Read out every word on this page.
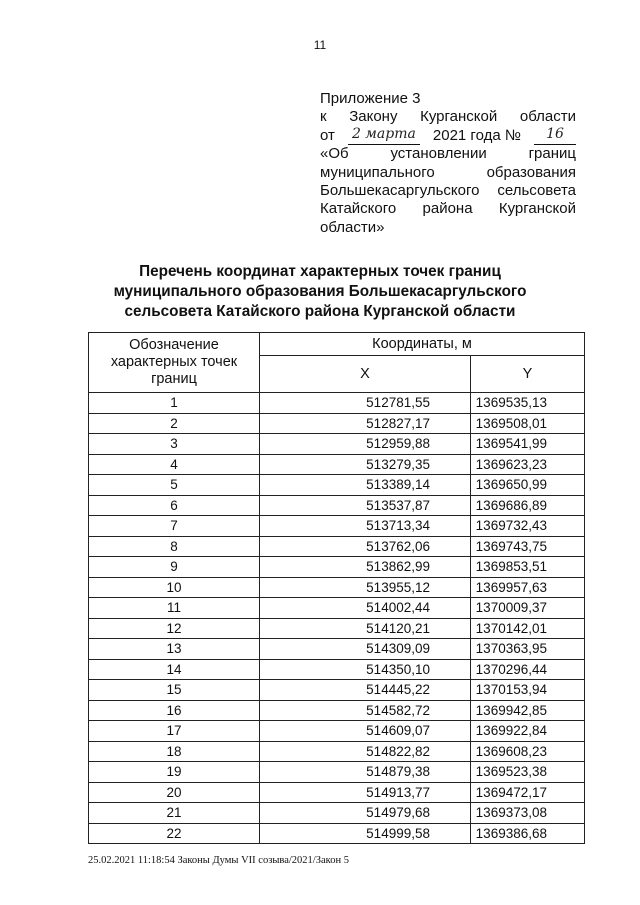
11
Приложение 3
к Закону Курганской области
от 2 марта 2021 года №	16
«Об	установлении	границ
муниципального	образования
Большекасаргульского сельсовета
Катайского района Курганской
области»
Перечень координат характерных точек границ
муниципального образования Большекасаргульского
сельсовета Катайского района Курганской области
Обозначение характерных точек границ	Координаты, м	
	X	Y
1	512781,55	1369535,13
2	512827,17	1369508,01
3	512959,88	1369541,99
4	513279,35	1369623,23
5	513389,14	1369650,99
6	513537,87	1369686,89
7	513713,34	1369732,43
8	513762,06	1369743,75
9	513862,99	1369853,51
10	513955,12	1369957,63
11	514002,44	1370009,37
12	514120,21	1370142,01
13	514309,09	1370363,95
14	514350,10	1370296,44
15	514445,22	1370153,94
16	514582,72	1369942,85
17	514609,07	1369922,84
18	514822,82	1369608,23
19	514879,38	1369523,38
20	514913,77	1369472,17
21	514979,68	1369373,08
22	514999,58	1369386,68
25.02.2021 11:18:54 Законы Думы VII созыва/2021/Закон 5
